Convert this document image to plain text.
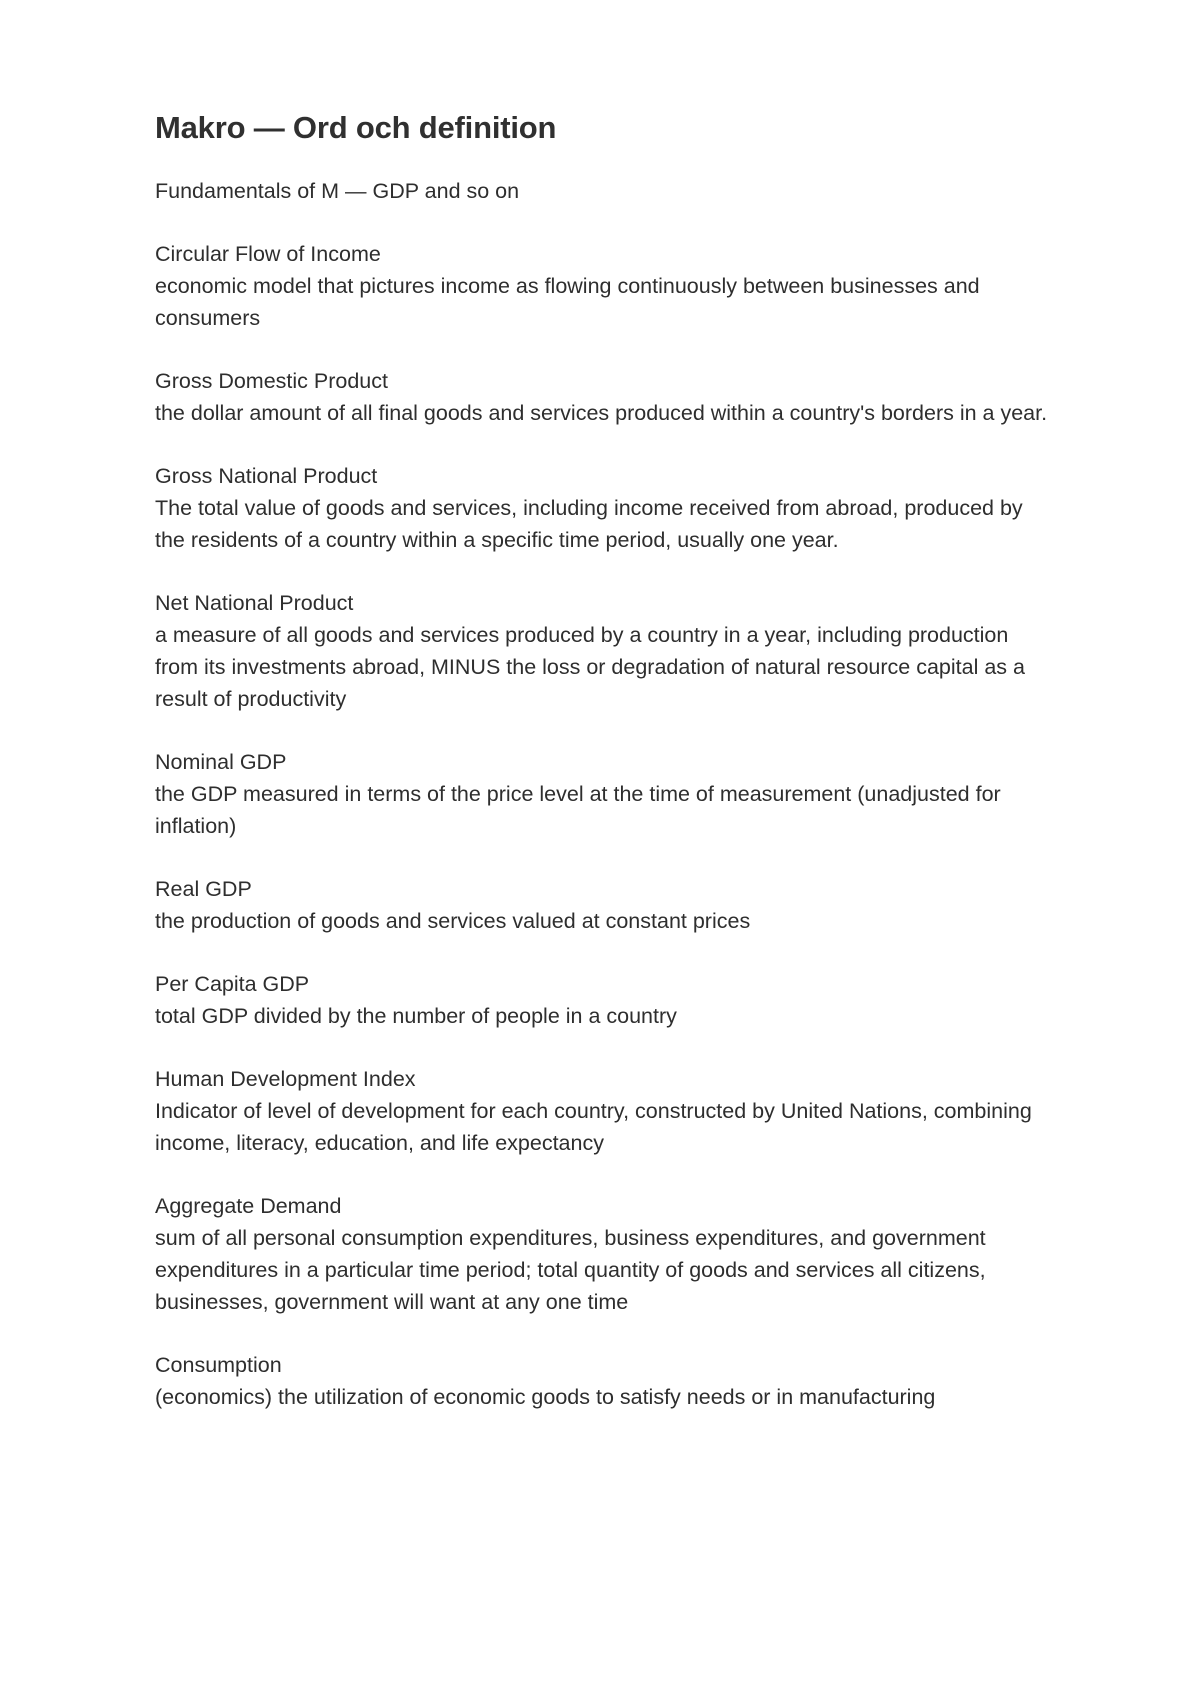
Makro — Ord och definition

Fundamentals of M — GDP and so on

Circular Flow of Income
economic model that pictures income as flowing continuously between businesses and consumers
Gross Domestic Product
the dollar amount of all final goods and services produced within a country's borders in a year.
Gross National Product
The total value of goods and services, including income received from abroad, produced by the residents of a country within a specific time period, usually one year.
Net National Product
a measure of all goods and services produced by a country in a year, including production from its investments abroad, MINUS the loss or degradation of natural resource capital as a result of productivity
Nominal GDP
the GDP measured in terms of the price level at the time of measurement (unadjusted for inflation)
Real GDP
the production of goods and services valued at constant prices
Per Capita GDP
total GDP divided by the number of people in a country
Human Development Index
Indicator of level of development for each country, constructed by United Nations, combining income, literacy, education, and life expectancy
Aggregate Demand
sum of all personal consumption expenditures, business expenditures, and government expenditures in a particular time period; total quantity of goods and services all citizens, businesses, government will want at any one time
Consumption
(economics) the utilization of economic goods to satisfy needs or in manufacturing
